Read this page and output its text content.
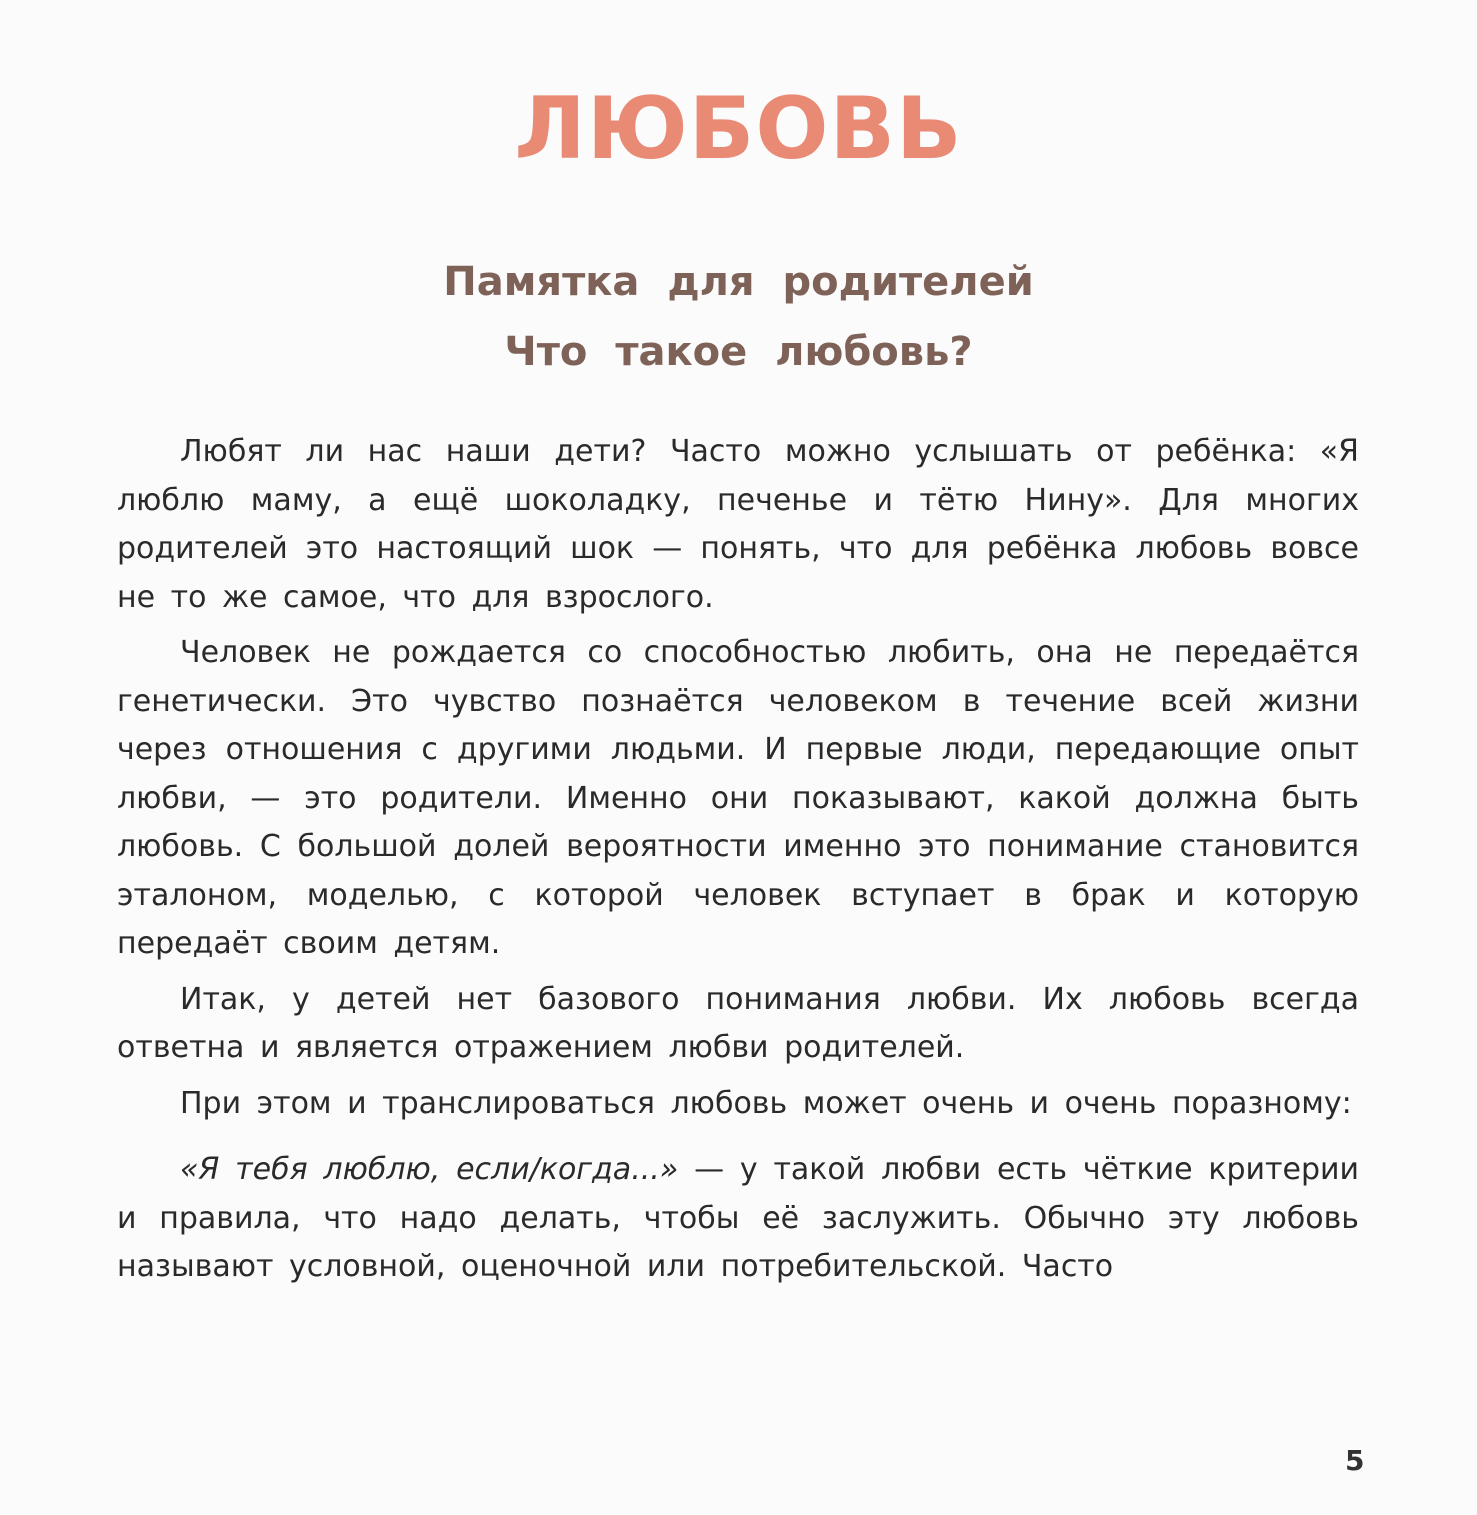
ЛЮБОВЬ
Памятка для родителей
Что такое любовь?

Любят ли нас наши дети? Часто можно услышать от ребёнка: «Я люблю маму, а ещё шоколадку, печенье и тётю Нину». Для многих родителей это настоящий шок — понять, что для ребёнка любовь вовсе не то же самое, что для взрослого.

Человек не рождается со способностью любить, она не передаётся генетически. Это чувство познаётся человеком в течение всей жизни через отношения с другими людьми. И первые люди, передающие опыт любви, — это родители. Именно они показывают, какой должна быть любовь. С большой долей вероятности именно это понимание становится эталоном, моделью, с которой человек вступает в брак и которую передаёт своим детям.

Итак, у детей нет базового понимания любви. Их любовь всегда ответна и является отражением любви родителей.

При этом и транслироваться любовь может очень и очень поразному:

«Я тебя люблю, если/когда...» — у такой любви есть чёткие критерии и правила, что надо делать, чтобы её заслужить. Обычно эту любовь называют условной, оценочной или потребительской. Часто

5
